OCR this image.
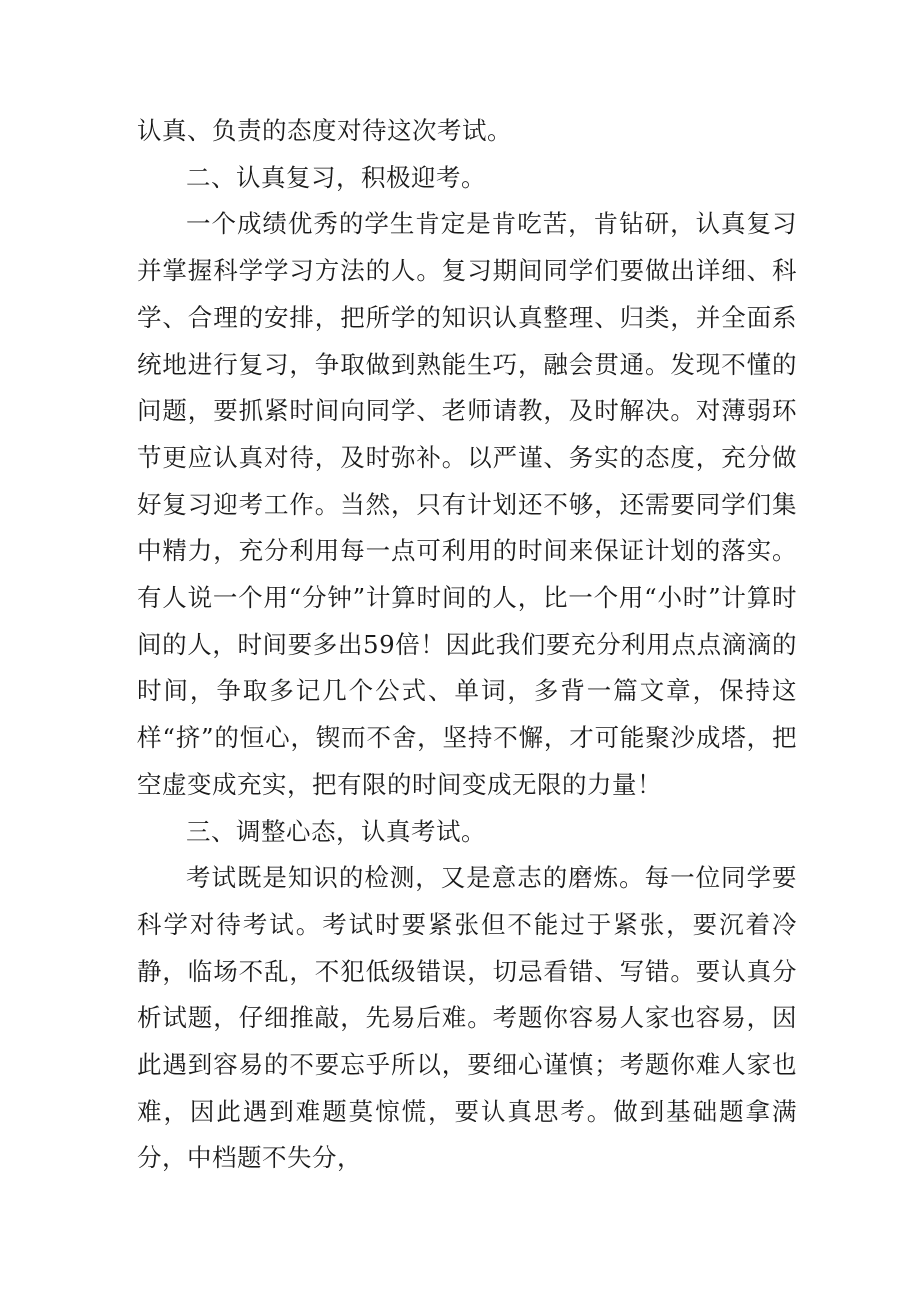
认真、负责的态度对待这次考试。

二、认真复习，积极迎考。

一个成绩优秀的学生肯定是肯吃苦，肯钻研，认真复习并掌握科学学习方法的人。复习期间同学们要做出详细、科学、合理的安排，把所学的知识认真整理、归类，并全面系统地进行复习，争取做到熟能生巧，融会贯通。发现不懂的问题，要抓紧时间向同学、老师请教，及时解决。对薄弱环节更应认真对待，及时弥补。以严谨、务实的态度，充分做好复习迎考工作。当然，只有计划还不够，还需要同学们集中精力，充分利用每一点可利用的时间来保证计划的落实。有人说一个用“分钟”计算时间的人，比一个用“小时”计算时间的人，时间要多出59倍！因此我们要充分利用点点滴滴的时间，争取多记几个公式、单词，多背一篇文章，保持这样“挤”的恒心，锲而不舍，坚持不懈，才可能聚沙成塔，把空虚变成充实，把有限的时间变成无限的力量！

三、调整心态，认真考试。

考试既是知识的检测，又是意志的磨炼。每一位同学要科学对待考试。考试时要紧张但不能过于紧张，要沉着冷静，临场不乱，不犯低级错误，切忌看错、写错。要认真分析试题，仔细推敲，先易后难。考题你容易人家也容易，因此遇到容易的不要忘乎所以，要细心谨慎；考题你难人家也难，因此遇到难题莫惊慌，要认真思考。做到基础题拿满分，中档题不失分，
